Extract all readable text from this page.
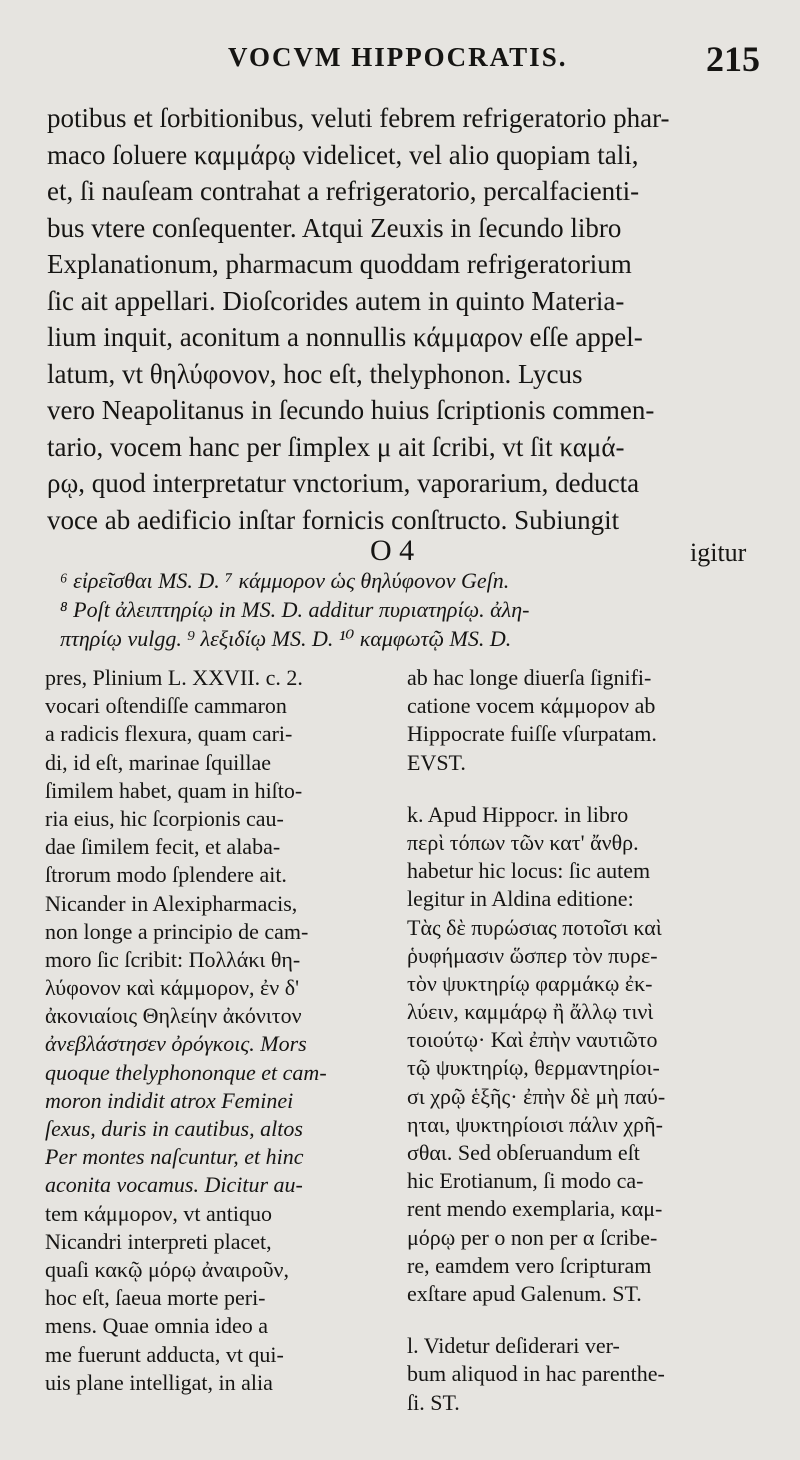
VOCVM HIPPOCRATIS.	215
potibus et ſorbitionibus, veluti febrem refrigeratorio phar-
maco ſoluere καμμάρῳ videlicet, vel alio quopiam tali,
et, ſi nauſeam contrahat a refrigeratorio, percalfacienti-
bus vtere conſequenter. Atqui Zeuxis in ſecundo libro
Explanationum, pharmacum quoddam refrigeratorium
ſic ait appellari. Dioſcorides autem in quinto Materia-
lium inquit, aconitum a nonnullis κάμμαρον eſſe appel-
latum, vt θηλύφονον, hoc eſt, thelyphonon. Lycus
vero Neapolitanus in ſecundo huius ſcriptionis commen-
tario, vocem hanc per ſimplex μ ait ſcribi, vt ſit καμά-
ρῳ, quod interpretatur vnctorium, vaporarium, deducta
voce ab aedificio inſtar fornicis conſtructo. Subiungit
O 4	igitur
⁶ εἰρεῖσθαι MS. D. ⁷ κάμμορον ὡς θηλύφονον Geſn.
⁸ Poſt ἀλειπτηρίῳ in MS. D. additur πυριατηρίῳ. ἀλη-
πτηρίῳ vulgg. ⁹ λεξιδίῳ MS. D. ¹⁰ καμφωτῷ MS. D.
pres, Plinium L. XXVII. c. 2.
vocari oſtendiſſe cammaron
a radicis flexura, quam cari-
di, id eſt, marinae ſquillae
ſimilem habet, quam in hiſto-
ria eius, hic ſcorpionis cau-
dae ſimilem fecit, et alaba-
ſtrorum modo ſplendere ait.
Nicander in Alexipharmacis,
non longe a principio de cam-
moro ſic ſcribit: Πολλάκι θη-
λύφονον καὶ κάμμορον, ἐν δ'
ἀκονιαίοις Θηλείην ἀκόνιτον
ἀνεβλάστησεν ὀρόγκοις. Mors
quoque thelyphononque et cam-
moron indidit atrox Feminei
ſexus, duris in cautibus, altos
Per montes naſcuntur, et hinc
aconita vocamus. Dicitur au-
tem κάμμορον, vt antiquo
Nicandri interpreti placet,
quaſi κακῷ μόρῳ ἀναιροῦν,
hoc eſt, ſaeua morte peri-
mens. Quae omnia ideo a
me fuerunt adducta, vt qui-
uis plane intelligat, in alia
ab hac longe diuerſa ſignifi-
catione vocem κάμμορον ab
Hippocrate fuiſſe vſurpatam.
EVST.
k. Apud Hippocr. in libro
περὶ τόπων τῶν κατ' ἄνθρ.
habetur hic locus: ſic autem
legitur in Aldina editione:
Τὰς δὲ πυρώσιας ποτοῖσι καὶ
ῥυφήμασιν ὥσπερ τὸν πυρε-
τὸν ψυκτηρίῳ φαρμάκῳ ἐκ-
λύειν, καμμάρῳ ἢ ἄλλῳ τινὶ
τοιούτῳ· Καὶ ἐπὴν ναυτιῶτο
τῷ ψυκτηρίῳ, θερμαντηρίοι-
σι χρῷ ἑξῆς· ἐπὴν δὲ μὴ παύ-
ηται, ψυκτηρίοισι πάλιν χρῆ-
σθαι. Sed obſeruandum eſt
hic Erotianum, ſi modo ca-
rent mendo exemplaria, καμ-
μόρῳ per ο non per α ſcribe-
re, eamdem vero ſcripturam
exſtare apud Galenum. ST.
l. Videtur deſiderari ver-
bum aliquod in hac parenthe-
ſi. ST.
